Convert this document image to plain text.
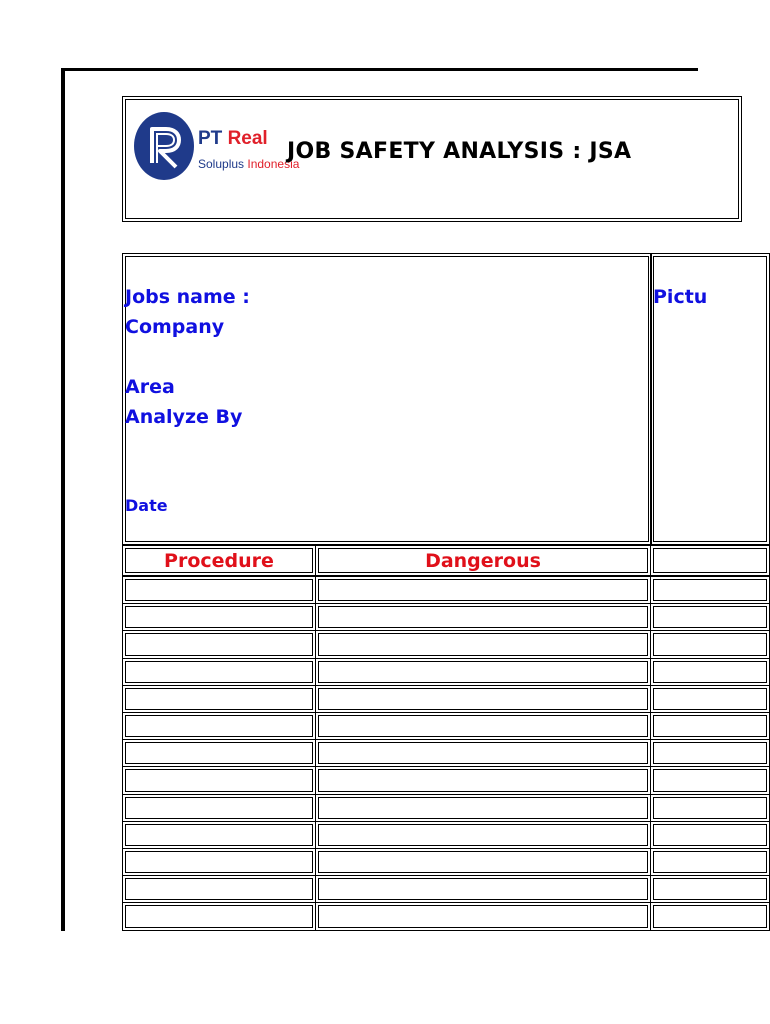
PT Real
Soluplus Indonesia
JOB SAFETY ANALYSIS : JSA
Jobs name :
Company
Area
Analyze By
Date
Pictu
Procedure	Dangerous
